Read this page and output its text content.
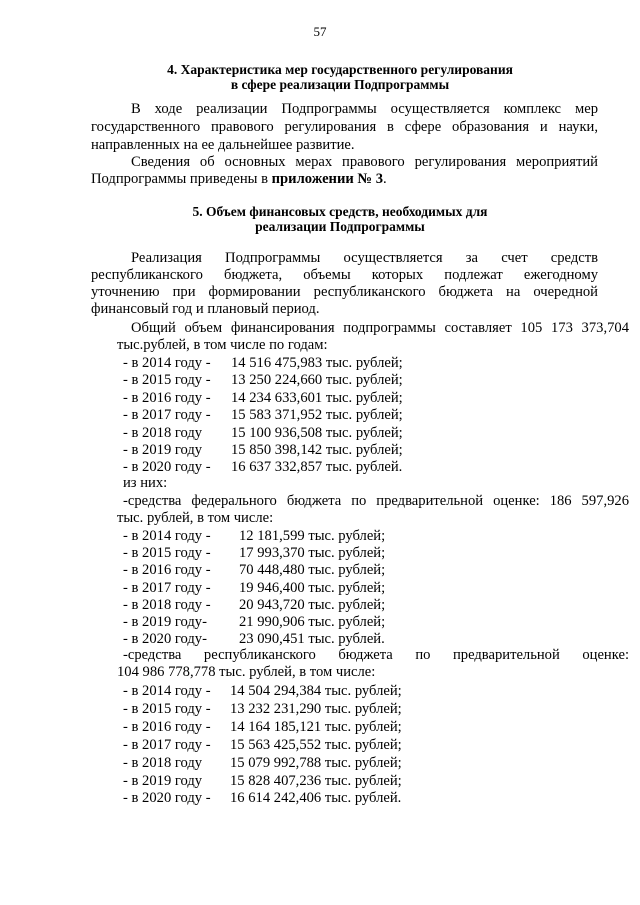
57
4. Характеристика мер государственного регулирования
в сфере реализации Подпрограммы
В ходе реализации Подпрограммы осуществляется комплекс мер
государственного правового регулирования в сфере образования и науки,
направленных на ее дальнейшее развитие.
Сведения об основных мерах правового регулирования мероприятий
Подпрограммы приведены в приложении № 3.
5. Объем финансовых средств, необходимых для
реализации Подпрограммы
Реализация Подпрограммы осуществляется за счет средств
республиканского бюджета, объемы которых подлежат ежегодному
уточнению при формировании республиканского бюджета на очередной
финансовый год и плановый период.
Общий объем финансирования подпрограммы составляет 105 173 373,704
тыс.рублей, в том числе по годам:
- в 2014 году - 14 516 475,983 тыс. рублей;
- в 2015 году - 13 250 224,660 тыс. рублей;
- в 2016 году - 14 234 633,601 тыс. рублей;
- в 2017 году - 15 583 371,952 тыс. рублей;
- в 2018 году 15 100 936,508 тыс. рублей;
- в 2019 году 15 850 398,142 тыс. рублей;
- в 2020 году - 16 637 332,857 тыс. рублей.
из них:
-средства федерального бюджета по предварительной оценке: 186 597,926
тыс. рублей, в том числе:
- в 2014 году - 12 181,599 тыс. рублей;
- в 2015 году - 17 993,370 тыс. рублей;
- в 2016 году - 70 448,480 тыс. рублей;
- в 2017 году - 19 946,400 тыс. рублей;
- в 2018 году - 20 943,720 тыс. рублей;
- в 2019 году- 21 990,906 тыс. рублей;
- в 2020 году- 23 090,451 тыс. рублей.
-средства республиканского бюджета по предварительной оценке:
104 986 778,778 тыс. рублей, в том числе:
- в 2014 году - 14 504 294,384 тыс. рублей;
- в 2015 году - 13 232 231,290 тыс. рублей;
- в 2016 году - 14 164 185,121 тыс. рублей;
- в 2017 году - 15 563 425,552 тыс. рублей;
- в 2018 году 15 079 992,788 тыс. рублей;
- в 2019 году 15 828 407,236 тыс. рублей;
- в 2020 году - 16 614 242,406 тыс. рублей.
